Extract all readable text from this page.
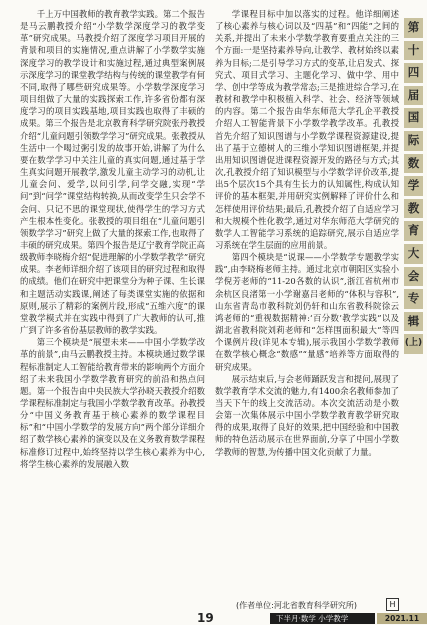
千上万中国教师的教育教学实践。第二个报告是马云鹏教授介绍“小学数学深度学习的教学变革”研究成果。马教授介绍了深度学习项目开展的背景和项目的实施情况,重点讲解了小学数学实施深度学习的教学设计和实施过程,通过典型案例展示深度学习的课堂教学结构与传统的课堂教学有何不同,取得了哪些研究成果等。小学数学深度学习项目组做了大量的实践探索工作,许多省份都有深度学习的项目实践基地,项目实践也取得了丰硕的成果。第三个报告是北京教育科学研究院张丹教授介绍“儿童问题引领数学学习”研究成果。张教授从生活中一个喝过粥引发的故事开始,讲解了为什么要在数学学习中关注儿童的真实问题,通过基于学生真实问题开展教学,激发儿童主动学习的动机,让儿童会问、爱学,以问引学,问学交融,实现“学问”到“问学”课堂结构转换,从而改变学生只会学不会问、只记不思的课堂现状,使得学生的学习方式产生根本性变化。张教授的项目组在“儿童问题引领数学学习”研究上做了大量的探索工作,也取得了丰硕的研究成果。第四个报告是辽宁教育学院正高级教师李晓梅介绍“促进理解的小学数学教学”研究成果。李老师详细介绍了该项目的研究过程和取得的成绩。他们在研究中把课堂分为种子课、生长课和主题活动实践课,阐述了每类课堂实施的依据和原则,展示了精彩的案例片段,形成“五维六度”的课堂教学模式并在实践中得到了广大教师的认可,推广到了许多省份基层教师的教学实践。

第三个模块是“展望未来——中国小学数学改革的前景”,由马云鹏教授主持。本模块通过数学课程标准制定人工智能给教育带来的影响两个方面介绍了未来我国小学数学教育研究的前沿和热点问题。第一个报告由中央民族大学孙晓天教授介绍数学课程标准制定与我国小学数学教育改革。孙教授分“中国义务教育基于核心素养的数学课程目标”和“中国小学数学的发展方向”两个部分详细介绍了数学核心素养的演变以及在义务教育数学课程标准修订过程中,始终坚持以学生核心素养为中心,将学生核心素养的发展融入数

学课程目标中加以落实的过程。他详细阐述了核心素养与核心词以及“四基”和“四能”之间的关系,并提出了未来小学数学教育要重点关注的三个方面:一是坚持素养导向,让教学、教材始终以素养为目标;二是引导学习方式的变革,让启发式、探究式、项目式学习、主题化学习、做中学、用中学、创中学等成为教学常态;三是推进综合学习,在教材和教学中积极植入科学、社会、经济等领域的内容。第二个报告由华东师范大学孔企平教授介绍人工智能背景下小学数学教学改革。孔教授首先介绍了知识图谱与小学数学课程资源建设,提出了基于立德树人的三维小学知识图谱框架,并提出用知识图谱促进课程资源开发的路径与方式;其次,孔教授介绍了知识模型与小学数学评价改革,提出5个层次15个具有生长力的认知属性,构成认知评价的基本框架,并用研究实例解释了评价什么和怎样使用评价结果;最后,孔教授介绍了自适应学习和大规模个性化教学,通过对华东师范大学研究的数学人工智能学习系统的追踪研究,展示自适应学习系统在学生层面的应用前景。

第四个模块是“说课——小学数学专题教学实践”,由李晓梅老师主持。通过北京市朝阳区实验小学倪芳老师的“11-20各数的认识”,浙江省杭州市余杭区良渚第一小学谢嘉吕老师的“体积与容积”,山东省青岛市教科院刘仍轩和山东省教科院徐云鸿老师的“重视数据精神:‘百分数’教学实践”以及湖北省教科院刘莉老师和“怎样围面积最大”等四个课例片段(详见本专辑),展示我国小学数学教师在数学核心概念“数感”“量感”培养等方面取得的研究成果。

展示结束后,与会老师踊跃发言和提问,展现了数学教育学术交流的魅力,有1400余名教师参加了当天下午的线上交流活动。本次交流活动是小数会第一次集体展示中国小学数学教育教学研究取得的成果,取得了良好的效果,把中国经验和中国教师的特色活动展示在世界面前,分享了中国小学数学教师的智慧,为传播中国文化贡献了力量。

(作者单位:河北省教育科学研究所)	H
第
十
四
届
国
际
数
学
教
育
大
会
专
辑
(上)
19	下半月·数学 小学教学	2021.11
